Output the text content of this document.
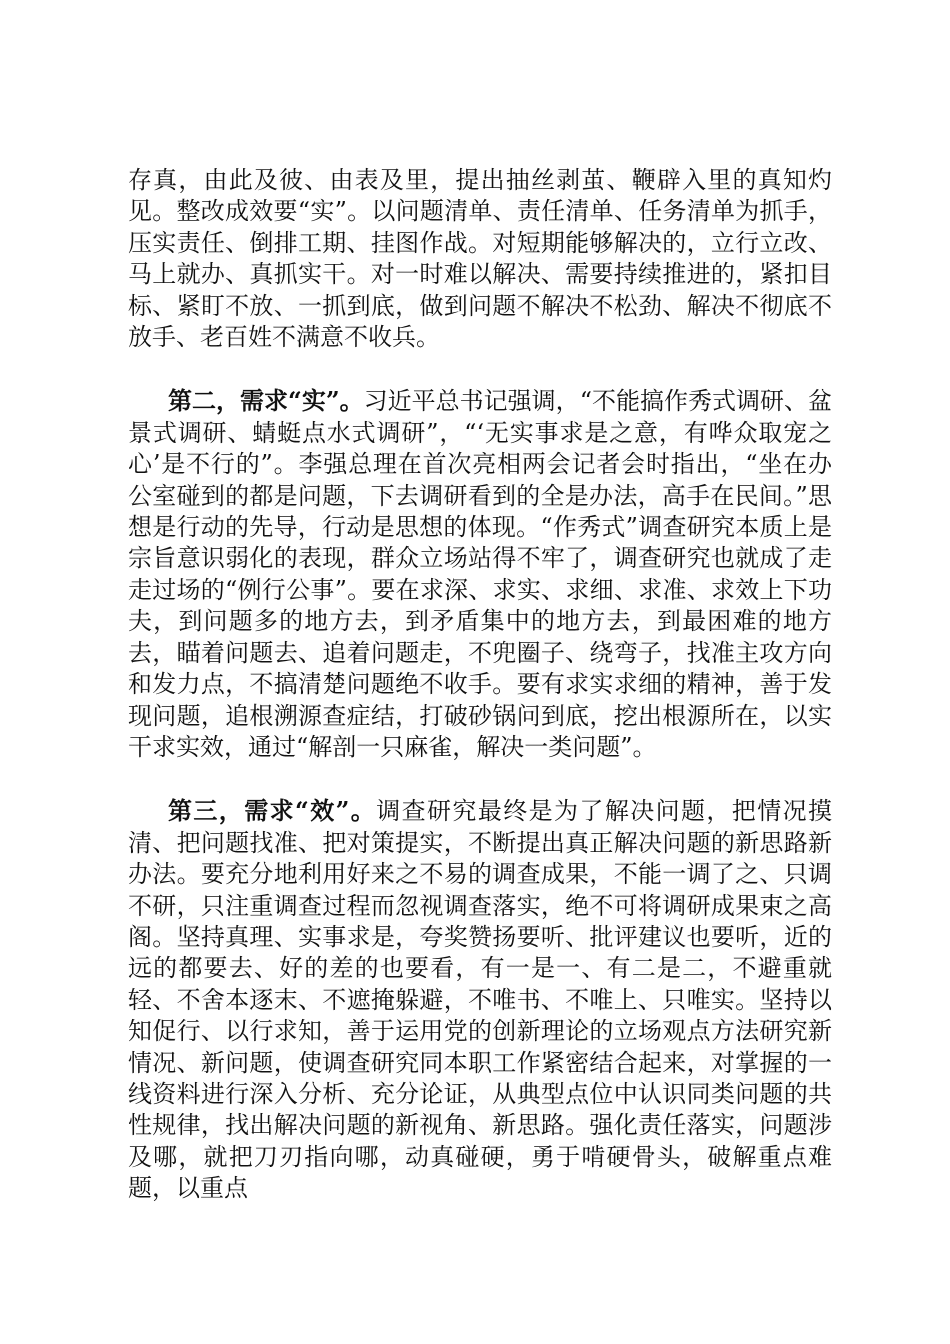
存真，由此及彼、由表及里，提出抽丝剥茧、鞭辟入里的真知灼见。整改成效要“实”。以问题清单、责任清单、任务清单为抓手，压实责任、倒排工期、挂图作战。对短期能够解决的，立行立改、马上就办、真抓实干。对一时难以解决、需要持续推进的，紧扣目标、紧盯不放、一抓到底，做到问题不解决不松劲、解决不彻底不放手、老百姓不满意不收兵。

第二，需求“实”。习近平总书记强调，“不能搞作秀式调研、盆景式调研、蜻蜓点水式调研”，“‘无实事求是之意，有哗众取宠之心’是不行的”。李强总理在首次亮相两会记者会时指出，“坐在办公室碰到的都是问题，下去调研看到的全是办法，高手在民间。”思想是行动的先导，行动是思想的体现。“作秀式”调查研究本质上是宗旨意识弱化的表现，群众立场站得不牢了，调查研究也就成了走走过场的“例行公事”。要在求深、求实、求细、求准、求效上下功夫，到问题多的地方去，到矛盾集中的地方去，到最困难的地方去，瞄着问题去、追着问题走，不兜圈子、绕弯子，找准主攻方向和发力点，不搞清楚问题绝不收手。要有求实求细的精神，善于发现问题，追根溯源查症结，打破砂锅问到底，挖出根源所在，以实干求实效，通过“解剖一只麻雀，解决一类问题”。

第三，需求“效”。调查研究最终是为了解决问题，把情况摸清、把问题找准、把对策提实，不断提出真正解决问题的新思路新办法。要充分地利用好来之不易的调查成果，不能一调了之、只调不研，只注重调查过程而忽视调查落实，绝不可将调研成果束之高阁。坚持真理、实事求是，夸奖赞扬要听、批评建议也要听，近的远的都要去、好的差的也要看，有一是一、有二是二，不避重就轻、不舍本逐末、不遮掩躲避，不唯书、不唯上、只唯实。坚持以知促行、以行求知，善于运用党的创新理论的立场观点方法研究新情况、新问题，使调查研究同本职工作紧密结合起来，对掌握的一线资料进行深入分析、充分论证，从典型点位中认识同类问题的共性规律，找出解决问题的新视角、新思路。强化责任落实，问题涉及哪，就把刀刃指向哪，动真碰硬，勇于啃硬骨头，破解重点难题，以重点
